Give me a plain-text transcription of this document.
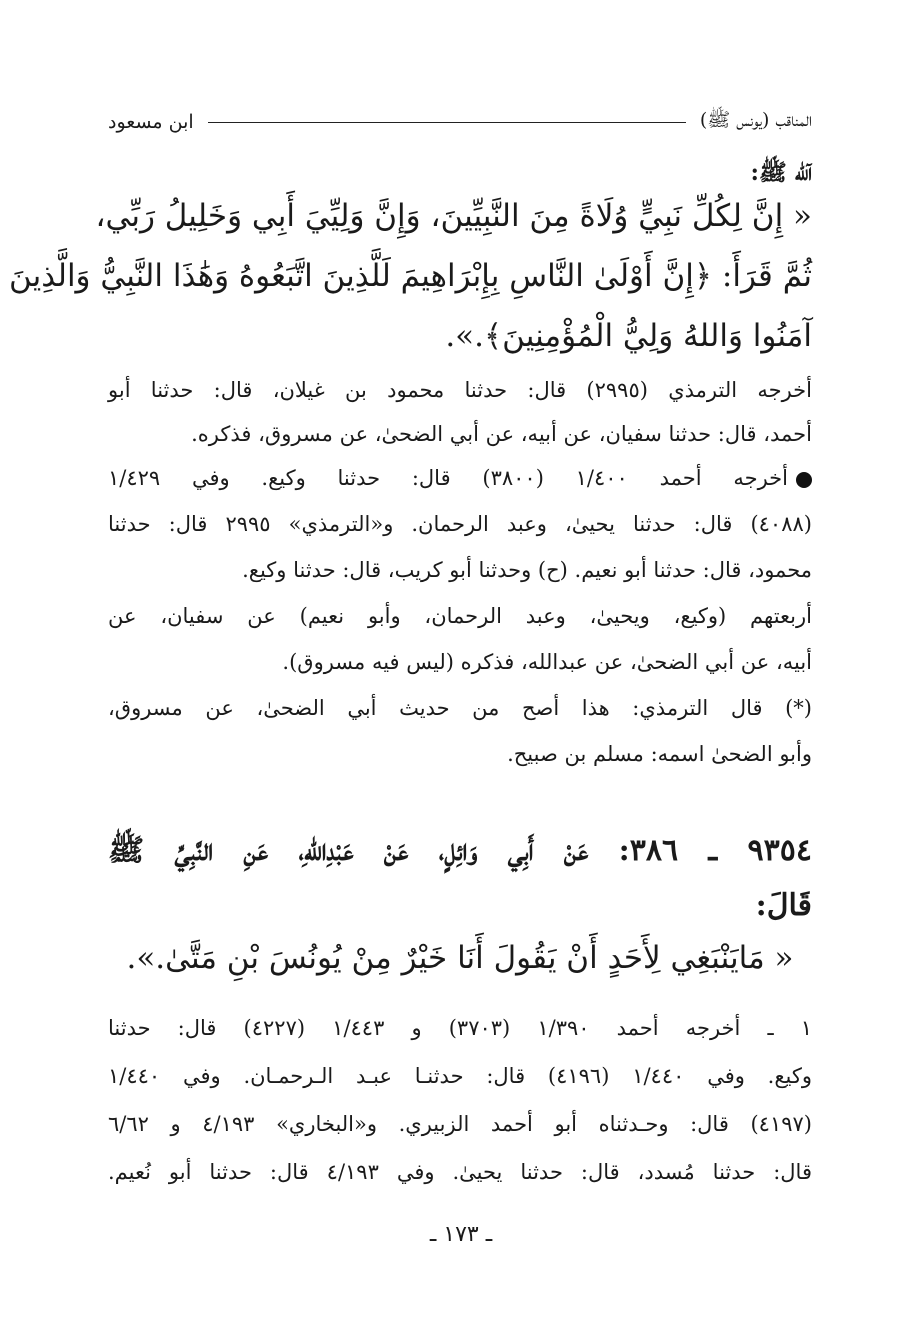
المناقب (يونس ﷺ)
ابن مسعود
آلله ﷺ:
« إِنَّ لِكُلِّ نَبِيٍّ وُلَاةً مِنَ النَّبِيِّينَ، وَإِنَّ وَلِيِّيَ أَبِي وَخَلِيلُ رَبِّي،
ثُمَّ قَرَأَ: ﴿إِنَّ أَوْلَىٰ النَّاسِ بِإِبْرَاهِيمَ لَلَّذِينَ اتَّبَعُوهُ وَهَٰذَا النَّبِيُّ وَالَّذِينَ
آمَنُوا وَاللهُ وَلِيُّ الْمُؤْمِنِينَ﴾.».
أخرجه الترمذي (٢٩٩٥) قال: حدثنا محمود بن غيلان، قال: حدثنا أبو
أحمد، قال: حدثنا سفيان، عن أبيه، عن أبي الضحىٰ، عن مسروق، فذكره.
أخرجه أحمد ١/٤٠٠ (٣٨٠٠) قال: حدثنا وكيع. وفي ١/٤٢٩
(٤٠٨٨) قال: حدثنا يحيىٰ، وعبد الرحمان. و«الترمذي» ٢٩٩٥ قال: حدثنا
محمود، قال: حدثنا أبو نعيم. (ح) وحدثنا أبو كريب، قال: حدثنا وكيع.
أربعتهم (وكيع، ويحيىٰ، وعبد الرحمان، وأبو نعيم) عن سفيان، عن
أبيه، عن أبي الضحىٰ، عن عبدالله، فذكره (ليس فيه مسروق).
(*) قال الترمذي: هذا أصح من حديث أبي الضحىٰ، عن مسروق،
وأبو الضحىٰ اسمه: مسلم بن صبيح.
٩٣٥٤ ـ ٣٨٦: عَنْ أَبِي وَائِلٍ، عَنْ عَبْدِاللهِ، عَنِ النَّبِيِّ ﷺ
قَالَ:
« مَايَنْبَغِي لِأَحَدٍ أَنْ يَقُولَ أَنَا خَيْرٌ مِنْ يُونُسَ بْنِ مَتَّىٰ.».
١ ـ أخرجه أحمد ١/٣٩٠ (٣٧٠٣) و ١/٤٤٣ (٤٢٢٧) قال: حدثنا
وكيع. وفي ١/٤٤٠ (٤١٩٦) قال: حدثنـا عبـد الـرحمـان. وفي ١/٤٤٠
(٤١٩٧) قال: وحـدثناه أبو أحمد الزبيري. و«البخاري» ٤/١٩٣ و ٦/٦٢
قال: حدثنا مُسدد، قال: حدثنا يحيىٰ. وفي ٤/١٩٣ قال: حدثنا أبو نُعيم.
ـ ١٧٣ ـ
